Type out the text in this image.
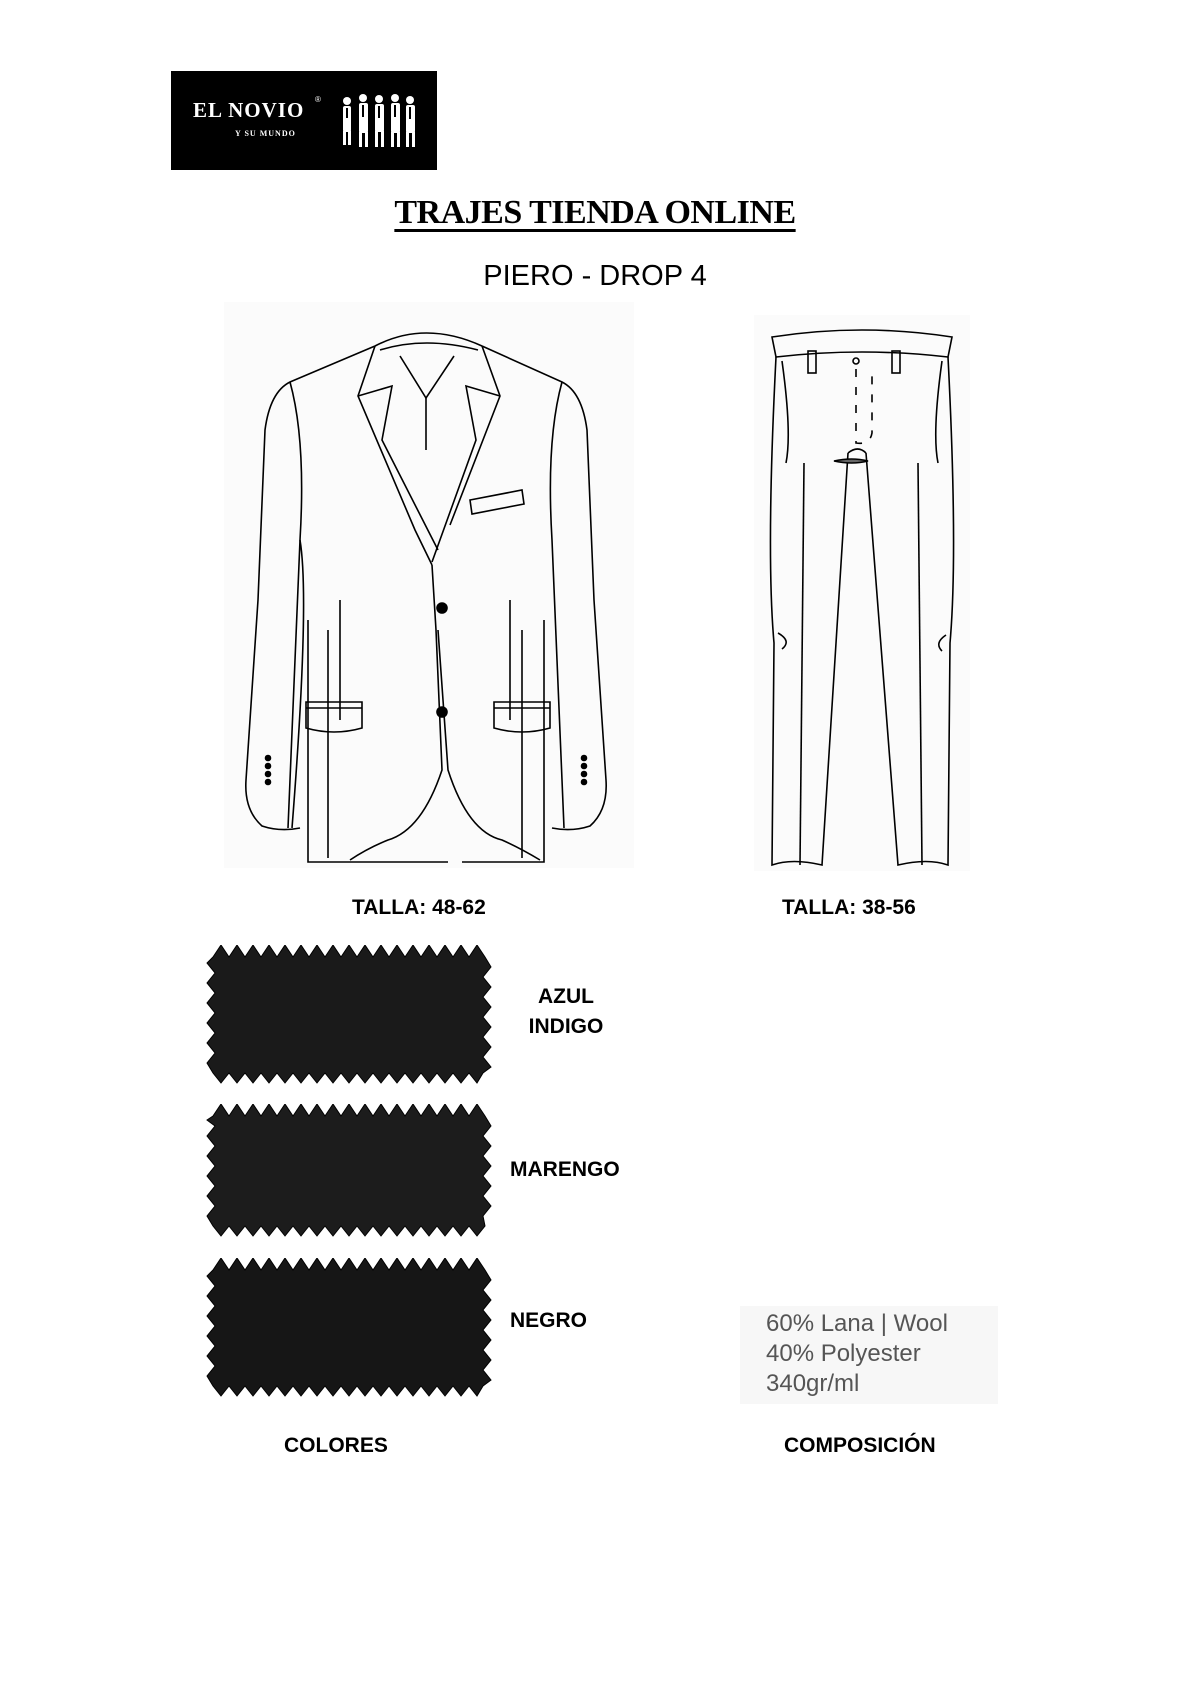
EL NOVIO ®
Y SU MUNDO
TRAJES TIENDA ONLINE
PIERO - DROP 4
TALLA: 48-62	TALLA: 38-56
AZUL
INDIGO
MARENGO
NEGRO	60% Lana | Wool
40% Polyester
340gr/ml
COLORES	COMPOSICIÓN
